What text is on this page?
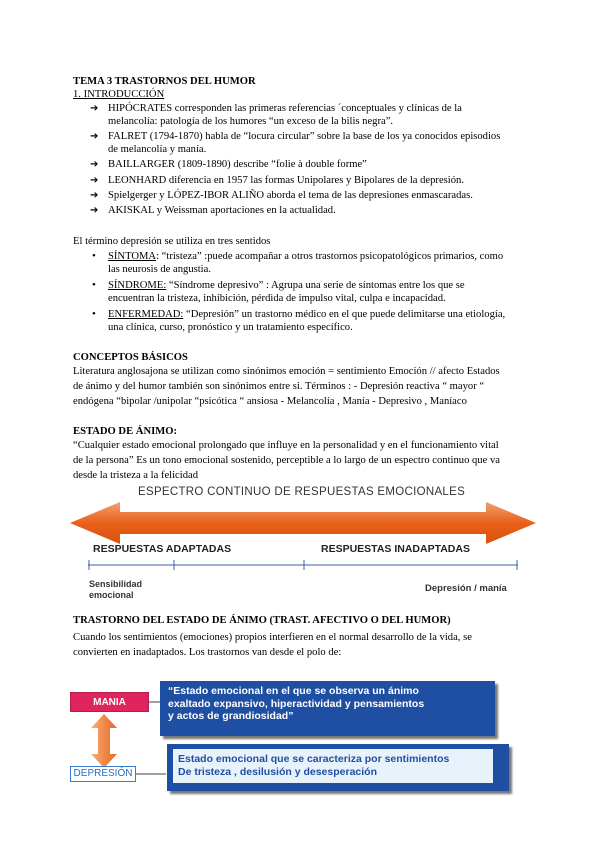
TEMA 3 TRASTORNOS DEL HUMOR
1. INTRODUCCIÓN
➔ HIPÓCRATES corresponden las primeras referencias ´conceptuales y clínicas de la
melancolía: patología de los humores “un exceso de la bilis negra”.
➔ FALRET (1794-1870) habla de “locura circular” sobre la base de los ya conocidos episodios
de melancolía y manía.
➔ BAILLARGER (1809-1890) describe “folie à double forme”
➔ LEONHARD diferencia en 1957 las formas Unipolares y Bipolares de la depresión.
➔ Spielgerger y LÓPEZ-IBOR ALIÑO aborda el tema de las depresiones enmascaradas.
➔ AKISKAL y Weissman aportaciones en la actualidad.
El término depresión se utiliza en tres sentidos
• SÍNTOMA: “tristeza” :puede acompañar a otros trastornos psicopatológicos primarios, como
las neurosis de angustia.
• SÍNDROME: “Síndrome depresivo” : Agrupa una serie de síntomas entre los que se
encuentran la tristeza, inhibición, pérdida de impulso vital, culpa e incapacidad.
• ENFERMEDAD: “Depresión” un trastorno médico en el que puede delimitarse una etiología,
una clínica, curso, pronóstico y un tratamiento específico.
CONCEPTOS BÁSICOS
Literatura anglosajona se utilizan como sinónimos emoción = sentimiento Emoción // afecto Estados
de ánimo y del humor también son sinónimos entre si. Términos : - Depresión reactiva “ mayor “
endógena “bipolar /unipolar “psicótica “ ansiosa - Melancolía , Manía - Depresivo , Maníaco
ESTADO DE ÁNIMO:
“Cualquier estado emocional prolongado que influye en la personalidad y en el funcionamiento vital
de la persona” Es un tono emocional sostenido, perceptible a lo largo de un espectro continuo que va
desde la tristeza a la felicidad
ESPECTRO CONTINUO DE RESPUESTAS EMOCIONALES
RESPUESTAS ADAPTADAS	RESPUESTAS INADAPTADAS
Sensibilidad
emocional
Depresión / manía
TRASTORNO DEL ESTADO DE ÁNIMO (TRAST. AFECTIVO O DEL HUMOR)
Cuando los sentimientos (emociones) propios interfieren en el normal desarrollo de la vida, se
convierten en inadaptados. Los trastornos van desde el polo de:
MANIA
“Estado emocional en el que se observa un ánimo
exaltado expansivo, hiperactividad y pensamientos
y actos de grandiosidad”
DEPRESIÓN
Estado emocional que se caracteriza por sentimientos
De tristeza , desilusión y desesperación
